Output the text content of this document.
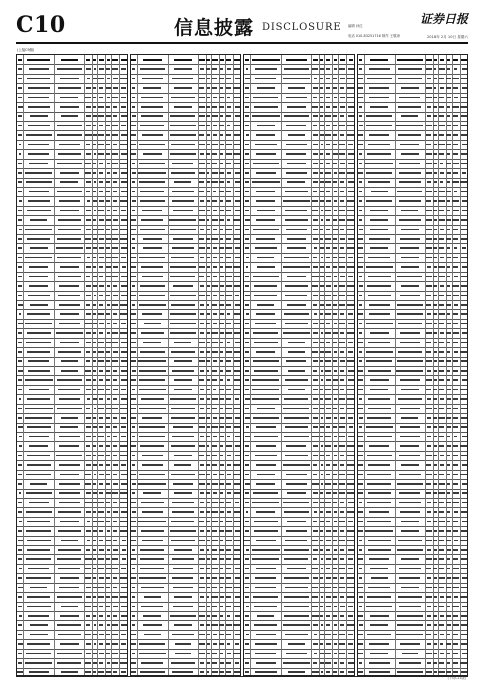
C10	信息披露 DISCLOSURE 编辑 孙红
电话 010-83251716 制作 王敬涛
证券日报
2018年 2月 10日 星期六
(上接C9版)
(下转C11版)
